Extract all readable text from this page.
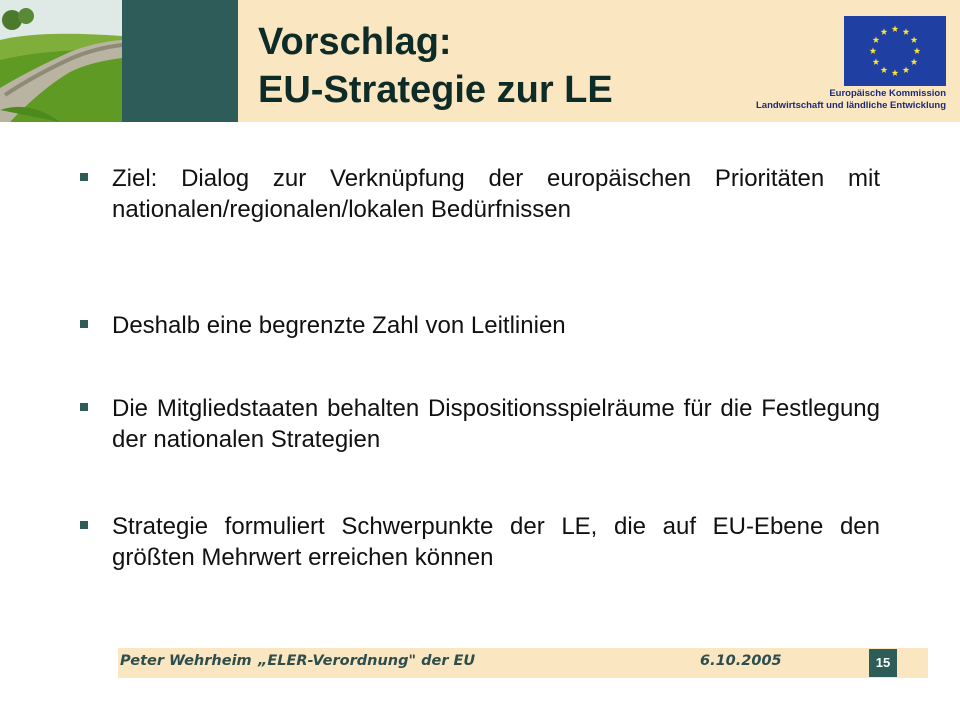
Vorschlag:
EU-Strategie zur LE	Europäische Kommission
Landwirtschaft und ländliche Entwicklung
Ziel: Dialog zur Verknüpfung der europäischen Prioritäten mit nationalen/regionalen/lokalen Bedürfnissen
Deshalb eine begrenzte Zahl von Leitlinien
Die Mitgliedstaaten behalten Dispositionsspielräume für die Festlegung der nationalen Strategien
Strategie formuliert Schwerpunkte der LE, die auf EU-Ebene den größten Mehrwert erreichen können
Peter Wehrheim „ELER-Verordnung" der EU	6.10.2005	15
